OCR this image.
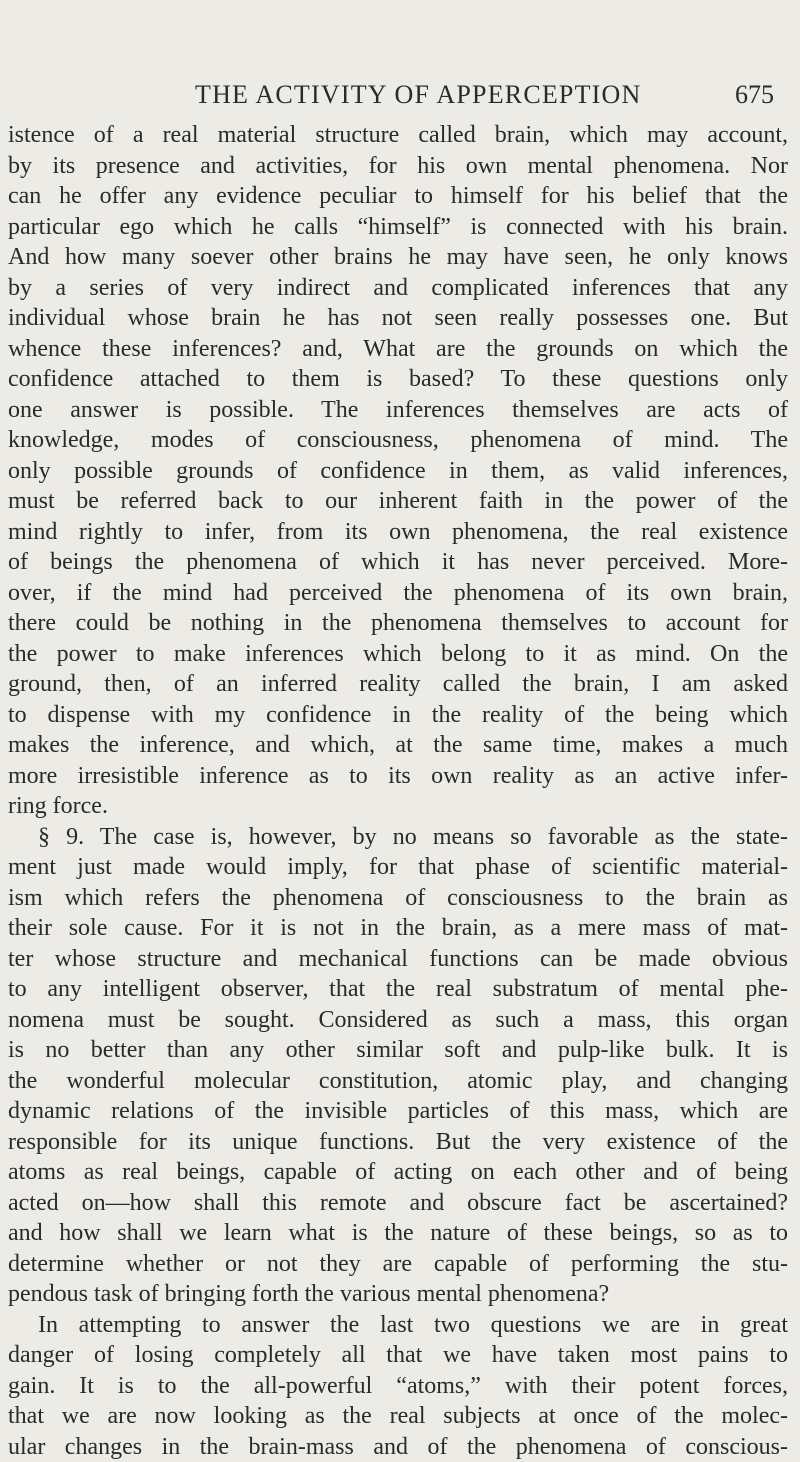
THE ACTIVITY OF APPERCEPTION	675
istence of a real material structure called brain, which may account,
by its presence and activities, for his own mental phenomena. Nor
can he offer any evidence peculiar to himself for his belief that the
particular ego which he calls “himself” is connected with his brain.
And how many soever other brains he may have seen, he only knows
by a series of very indirect and complicated inferences that any
individual whose brain he has not seen really possesses one. But
whence these inferences? and, What are the grounds on which the
confidence attached to them is based? To these questions only
one answer is possible. The inferences themselves are acts of
knowledge, modes of consciousness, phenomena of mind. The
only possible grounds of confidence in them, as valid inferences,
must be referred back to our inherent faith in the power of the
mind rightly to infer, from its own phenomena, the real existence
of beings the phenomena of which it has never perceived. More-
over, if the mind had perceived the phenomena of its own brain,
there could be nothing in the phenomena themselves to account for
the power to make inferences which belong to it as mind. On the
ground, then, of an inferred reality called the brain, I am asked
to dispense with my confidence in the reality of the being which
makes the inference, and which, at the same time, makes a much
more irresistible inference as to its own reality as an active infer-
ring force.
§ 9. The case is, however, by no means so favorable as the state-
ment just made would imply, for that phase of scientific material-
ism which refers the phenomena of consciousness to the brain as
their sole cause. For it is not in the brain, as a mere mass of mat-
ter whose structure and mechanical functions can be made obvious
to any intelligent observer, that the real substratum of mental phe-
nomena must be sought. Considered as such a mass, this organ
is no better than any other similar soft and pulp-like bulk. It is
the wonderful molecular constitution, atomic play, and changing
dynamic relations of the invisible particles of this mass, which are
responsible for its unique functions. But the very existence of the
atoms as real beings, capable of acting on each other and of being
acted on—how shall this remote and obscure fact be ascertained?
and how shall we learn what is the nature of these beings, so as to
determine whether or not they are capable of performing the stu-
pendous task of bringing forth the various mental phenomena?
In attempting to answer the last two questions we are in great
danger of losing completely all that we have taken most pains to
gain. It is to the all-powerful “atoms,” with their potent forces,
that we are now looking as the real subjects at once of the molec-
ular changes in the brain-mass and of the phenomena of conscious-
